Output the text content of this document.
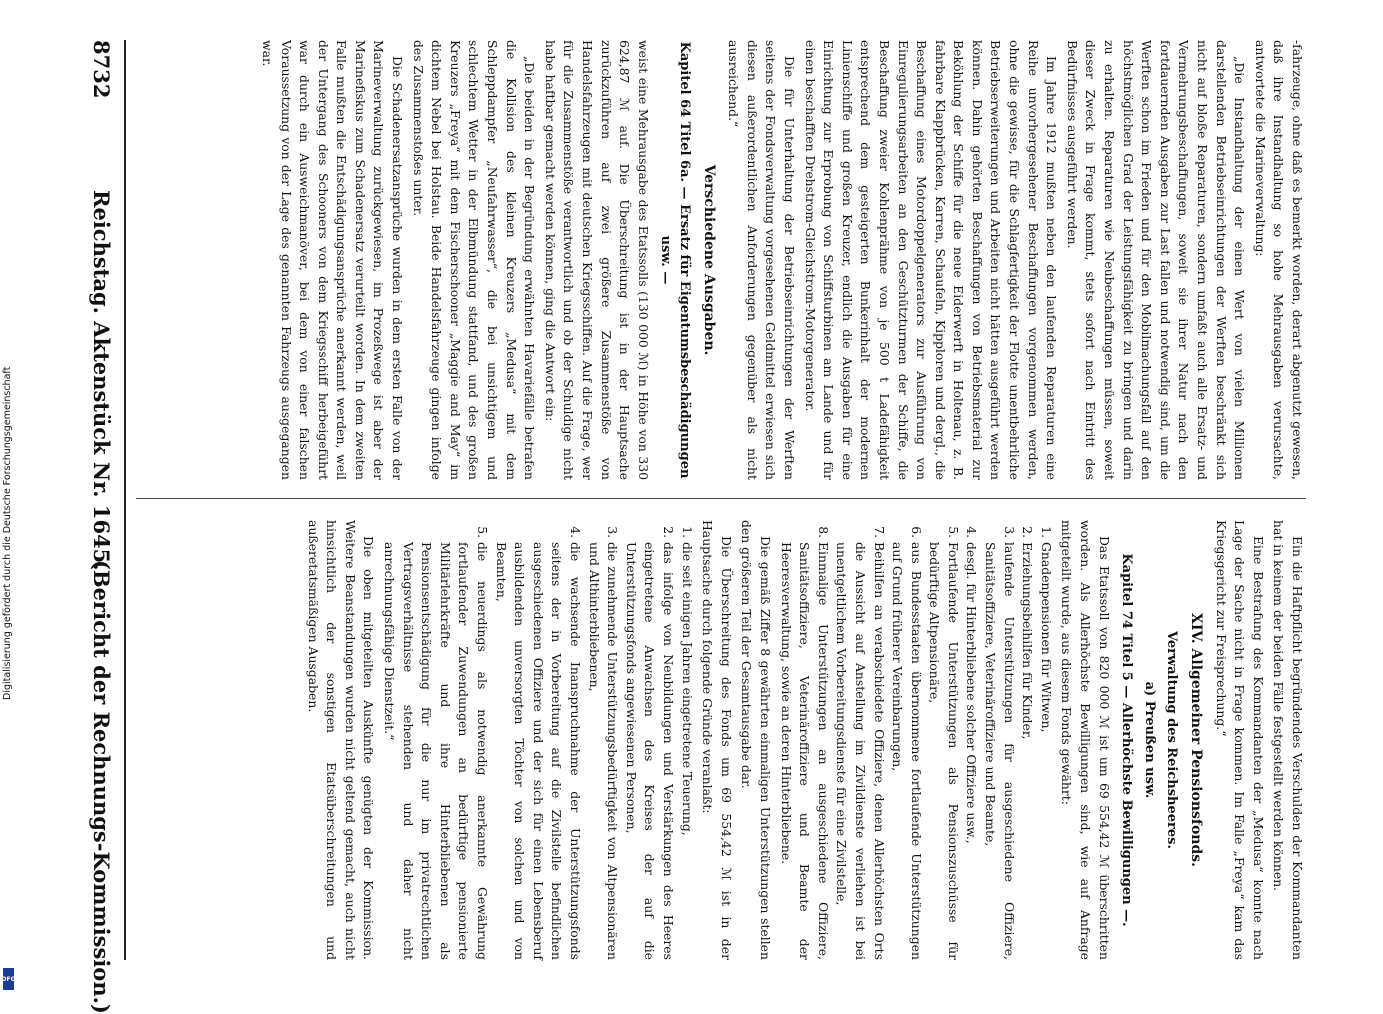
8732
Reichstag. Aktenstück Nr. 1645.
(Bericht der Rechnungs-Kommission.)

-fahrzeuge, ohne daß es bemerkt worden, derart abgenutzt gewesen, daß ihre Instandhaltung so hohe Mehrausgaben verursachte, antwortete die Marineverwaltung:

„Die Instandhaltung der einen Wert von vielen Millionen darstellenden Betriebseinrichtungen der Werften beschränkt sich nicht auf bloße Reparaturen, sondern umfaßt auch alle Ersatz- und Vermehrungsbeschaffungen, soweit sie ihrer Natur nach den fortdauernden Ausgaben zur Last fallen und notwendig sind, um die Werften schon im Frieden und für den Mobilmachungsfall auf den höchstmöglichen Grad der Leistungsfähigkeit zu bringen und darin zu erhalten. Reparaturen wie Neubeschaffungen müssen, soweit dieser Zweck in Frage kommt, stets sofort nach Eintritt des Bedürfnisses ausgeführt werden.

Im Jahre 1912 mußten neben den laufenden Reparaturen eine Reihe unvorhergesehener Beschaffungen vorgenommen werden, ohne die gewisse, für die Schlagfertigkeit der Flotte unentbehrliche Betriebserweiterungen und Arbeiten nicht hätten ausgeführt werden können. Dahin gehörten Beschaffungen von Betriebsmaterial zur Beköhlung der Schiffe für die neue Eiderwerft in Holtenau, z. B. fahrbare Klappbrücken, Karren, Schaufeln, Kipploren und dergl., die Beschaffung eines Motordoppelgenerators zur Ausführung von Einregulierungsarbeiten an den Geschützturmen der Schiffe, die Beschaffung zweier Kohlenprähme von je 500 t Ladefähigkeit entsprechend dem gesteigerten Bunkerinhalt der modernen Linienschiffe und großen Kreuzer, endlich die Ausgaben für eine Einrichtung zur Erprobung von Schiffsturbinen am Lande und für einen beschafften Drehstrom-Gleichstrom-Motorgenerator.

Die für Unterhaltung der Betriebseinrichtungen der Werften seitens der Fondsverwaltung vorgesehenen Geldmittel erwiesen sich diesen außerordentlichen Anforderungen gegenüber als nicht ausreichend.“

Verschiedene Ausgaben.
Kapitel 64 Titel 6a. — Ersatz für Eigentumsbeschädigungen usw. —

weist eine Mehrausgabe des Etatssolls (130 000 ℳ) in Höhe von 330 624,87 ℳ auf. Die Überschreitung ist in der Hauptsache zurückzuführen auf zwei größere Zusammenstöße von Handelsfahrzeugen mit deutschen Kriegsschiffen. Auf die Frage, wer für die Zusammenstöße verantwortlich und ob der Schuldige nicht habe haftbar gemacht werden können, ging die Antwort ein:

„Die beiden in der Begründung erwähnten Havariefälle betrafen die Kollision des kleinen Kreuzers „Medusa“ mit dem Schleppdampfer „Neufahrwasser“, die bei unsichtigem und schlechtem Wetter in der Elbmündung stattfand, und des großen Kreuzers „Freya“ mit dem Fischerschooner „Maggie and May“ im dichtem Nebel bei Holstau. Beide Handelsfahrzeuge gingen infolge des Zusammenstoßes unter.

Die Schadenersatzansprüche wurden in dem ersten Falle von der Marineverwaltung zurückgewiesen, im Prozeßwege ist aber der Marinefiskus zum Schadenersatz verurteilt worden. In dem zweiten Falle mußten die Entschädigungsansprüche anerkannt werden, weil der Untergang des Schooners von dem Kriegsschiff herbeigeführt war durch ein Ausweichmanöver, bei dem von einer falschen Voraussetzung von der Lage des genannten Fahrzeugs ausgegangen war.

Ein die Haftpflicht begründendes Verschulden der Kommandanten hat in keinem der beiden Fälle festgestellt werden können.

Eine Bestrafung des Kommandanten der „Medusa“ konnte nach Lage der Sache nicht in Frage kommen. Im Falle „Freya“ kam das Kriegsgericht zur Freisprechung.“

XIV. Allgemeiner Pensionsfonds.
Verwaltung des Reichsheeres.
a) Preußen usw.
Kapitel 74 Titel 5 — Allerhöchste Bewilligungen —.

Das Etatssoll von 820 000 ℳ ist um 69 554,42 ℳ überschritten worden. Als Allerhöchste Bewilligungen sind, wie auf Anfrage mitgeteilt wurde, aus diesem Fonds gewährt:

1. Gnadenpensionen für Witwen,
2. Erziehungsbeihilfen für Kinder,
3. laufende Unterstützungen für ausgeschiedene Offiziere, Sanitätsoffiziere, Veterinäroffiziere und Beamte,
4. desgl. für Hinterbliebene solcher Offiziere usw.,
5. Fortlaufende Unterstützungen als Pensionszuschüsse für bedürftige Altpensionäre,
6. aus Bundesstaaten übernommene fortlaufende Unterstützungen auf Grund früherer Vereinbarungen,
7. Beihilfen an verabschiedete Offiziere, denen Allerhöchsten Orts die Aussicht auf Anstellung im Zivildienste verliehen ist bei unentgeltlichem Vorbereitungsdienste für eine Zivilstelle,
8. Einmalige Unterstützungen an ausgeschiedene Offiziere, Sanitätsoffiziere, Veterinäroffiziere und Beamte der Heeresverwaltung, sowie an deren Hinterbliebene.

Die gemäß Ziffer 8 gewährten einmaligen Unterstützungen stellen den größeren Teil der Gesamtausgabe dar.

Die Überschreitung des Fonds um 69 554,42 ℳ ist in der Hauptsache durch folgende Gründe veranlaßt:

1. die seit einigen Jahren eingetretene Teuerung,
2. das infolge von Neubildungen und Verstärkungen des Heeres eingetretene Anwachsen des Kreises der auf die Unterstützungsfonds angewiesenen Personen,
3. die zunehmende Unterstützungsbedürftigkeit von Altpensionären und Althinterbliebenen,
4. die wachsende Inanspruchnahme der Unterstützungsfonds seitens der in Vorbereitung auf die Zivilstelle befindlichen ausgeschiedenen Offiziere und der sich für einen Lebensberuf ausbildenden unversorgten Töchter von solchen und von Beamten,
5. die neuerdings als notwendig anerkannte Gewährung fortlaufender Zuwendungen an bedürftige pensionierte Militärlehrkräfte und ihre Hinterbliebenen als Pensionsentschädigung für die nur im privatrechtlichen Vertragsverhältnisse stehenden und daher nicht anrechnungsfähige Dienstzeit.“

Die oben mitgeteilten Auskünfte genügten der Kommission. Weitere Beanstandungen wurden nicht geltend gemacht, auch nicht hinsichtlich der sonstigen Etatsüberschreitungen und außeretatsmäßigen Ausgaben.

Digitalisierung gefördert durch die Deutsche Forschungsgemeinschaft
DFG
